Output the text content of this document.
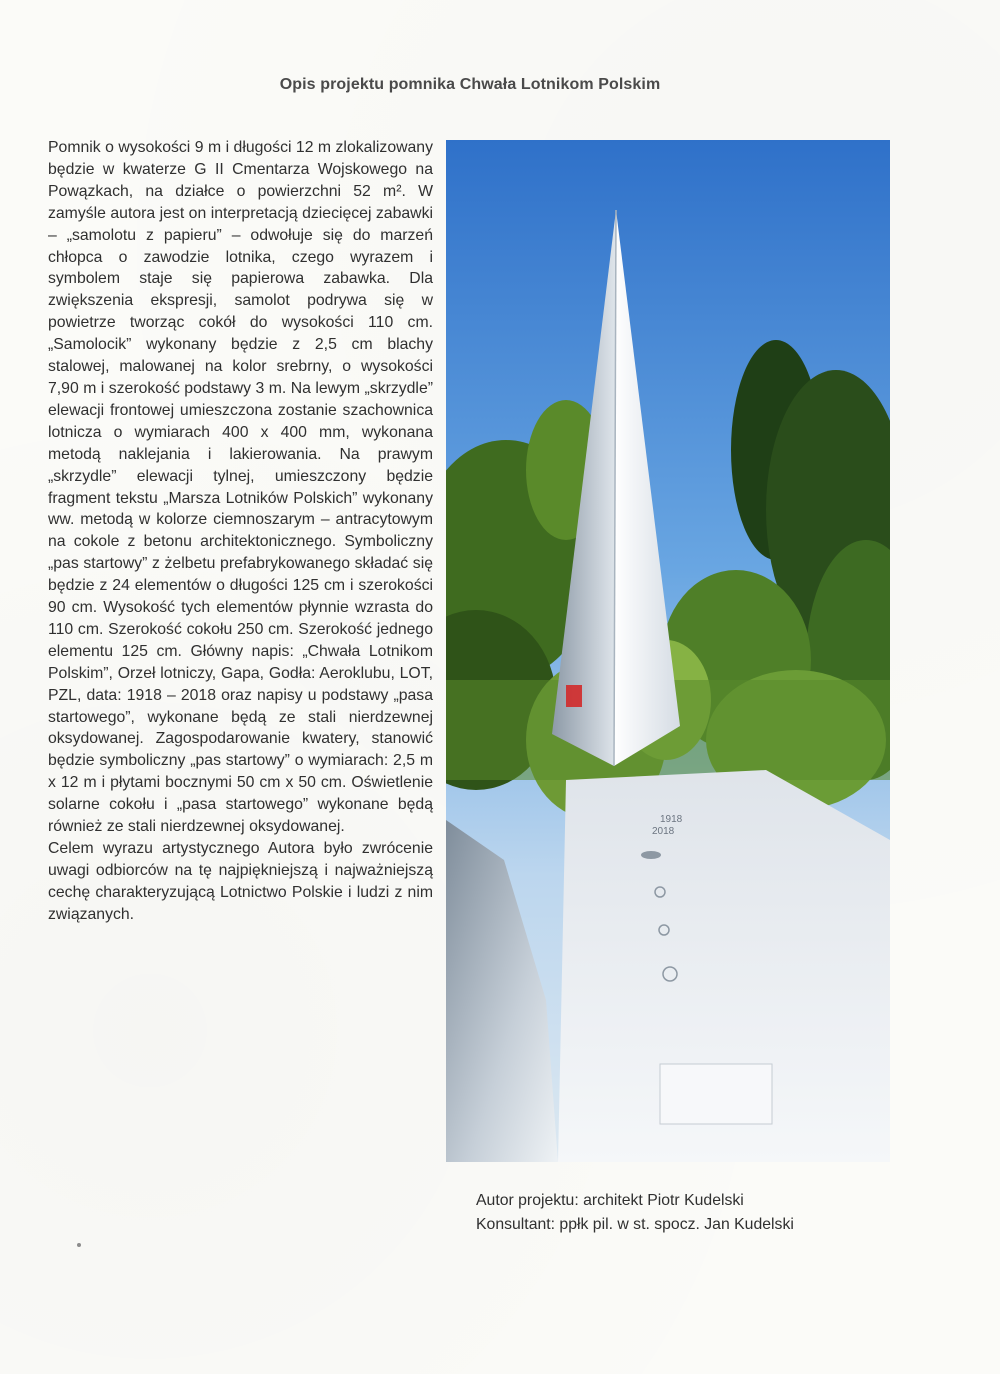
Opis projektu pomnika Chwała Lotnikom Polskim

Pomnik o wysokości 9 m i długości 12 m zlokalizowany będzie w kwaterze G II Cmentarza Wojskowego na Powązkach, na działce o powierzchni 52 m². W zamyśle autora jest on interpretacją dziecięcej zabawki – „samolotu z papieru” – odwołuje się do marzeń chłopca o zawodzie lotnika, czego wyrazem i symbolem staje się papierowa zabawka. Dla zwiększenia ekspresji, samolot podrywa się w powietrze tworząc cokół do wysokości 110 cm. „Samolocik” wykonany będzie z 2,5 cm blachy stalowej, malowanej na kolor srebrny, o wysokości 7,90 m i szerokość podstawy 3 m. Na lewym „skrzydle” elewacji frontowej umieszczona zostanie szachownica lotnicza o wymiarach 400 x 400 mm, wykonana metodą naklejania i lakierowania. Na prawym „skrzydle” elewacji tylnej, umieszczony będzie fragment tekstu „Marsza Lotników Polskich” wykonany ww. metodą w kolorze ciemnoszarym – antracytowym na cokole z betonu architektonicznego. Symboliczny „pas startowy” z żelbetu prefabrykowanego składać się będzie z 24 elementów o długości 125 cm i szerokości 90 cm. Wysokość tych elementów płynnie wzrasta do 110 cm. Szerokość cokołu 250 cm. Szerokość jednego elementu 125 cm. Główny napis: „Chwała Lotnikom Polskim”, Orzeł lotniczy, Gapa, Godła: Aeroklubu, LOT, PZL, data: 1918 – 2018 oraz napisy u podstawy „pasa startowego”, wykonane będą ze stali nierdzewnej oksydowanej. Zagospodarowanie kwatery, stanowić będzie symboliczny „pas startowy” o wymiarach: 2,5 m x 12 m i płytami bocznymi 50 cm x 50 cm. Oświetlenie solarne cokołu i „pasa startowego” wykonane będą również ze stali nierdzewnej oksydowanej.

Celem wyrazu artystycznego Autora było zwrócenie uwagi odbiorców na tę najpiękniejszą i najważniejszą cechę charakteryzującą Lotnictwo Polskie i ludzi z nim związanych.

1918
2018
Autor projektu: architekt Piotr Kudelski
Konsultant: ppłk pil. w st. spocz. Jan Kudelski
